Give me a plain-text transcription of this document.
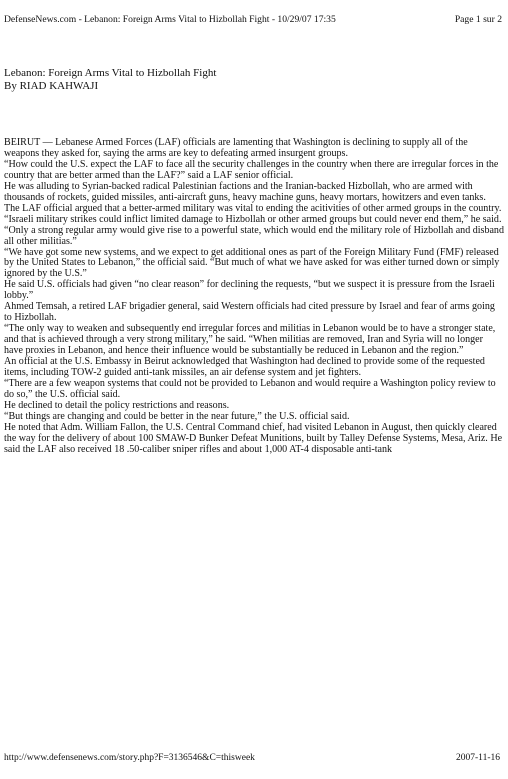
DefenseNews.com - Lebanon: Foreign Arms Vital to Hizbollah Fight - 10/29/07 17:35	Page 1 sur 2
Lebanon: Foreign Arms Vital to Hizbollah Fight
By RIAD KAHWAJI

BEIRUT — Lebanese Armed Forces (LAF) officials are lamenting that Washington is declining to supply all of the weapons they asked for, saying the arms are key to defeating armed insurgent groups.

“How could the U.S. expect the LAF to face all the security challenges in the country when there are irregular forces in the country that are better armed than the LAF?” said a LAF senior official.

He was alluding to Syrian-backed radical Palestinian factions and the Iranian-backed Hizbollah, who are armed with thousands of rockets, guided missiles, anti-aircraft guns, heavy machine guns, heavy mortars, howitzers and even tanks.

The LAF official argued that a better-armed military was vital to ending the acitivities of other armed groups in the country.

“Israeli military strikes could inflict limited damage to Hizbollah or other armed groups but could never end them,” he said. “Only a strong regular army would give rise to a powerful state, which would end the military role of Hizbollah and disband all other militias.”

“We have got some new systems, and we expect to get additional ones as part of the Foreign Military Fund (FMF) released by the United States to Lebanon,” the official said. “But much of what we have asked for was either turned down or simply ignored by the U.S.”

He said U.S. officials had given “no clear reason” for declining the requests, “but we suspect it is pressure from the Israeli lobby.”

Ahmed Temsah, a retired LAF brigadier general, said Western officials had cited pressure by Israel and fear of arms going to Hizbollah.

“The only way to weaken and subsequently end irregular forces and militias in Lebanon would be to have a stronger state, and that is achieved through a very strong military,” he said. “When militias are removed, Iran and Syria will no longer have proxies in Lebanon, and hence their influence would be substantially be reduced in Lebanon and the region.”

An official at the U.S. Embassy in Beirut acknowledged that Washington had declined to provide some of the requested items, including TOW-2 guided anti-tank missiles, an air defense system and jet fighters.

“There are a few weapon systems that could not be provided to Lebanon and would require a Washington policy review to do so,” the U.S. official said.

He declined to detail the policy restrictions and reasons.

“But things are changing and could be better in the near future,” the U.S. official said.

He noted that Adm. William Fallon, the U.S. Central Command chief, had visited Lebanon in August, then quickly cleared the way for the delivery of about 100 SMAW-D Bunker Defeat Munitions, built by Talley Defense Systems, Mesa, Ariz. He said the LAF also received 18 .50-caliber sniper rifles and about 1,000 AT-4 disposable anti-tank

http://www.defensenews.com/story.php?F=3136546&C=thisweek	2007-11-16
